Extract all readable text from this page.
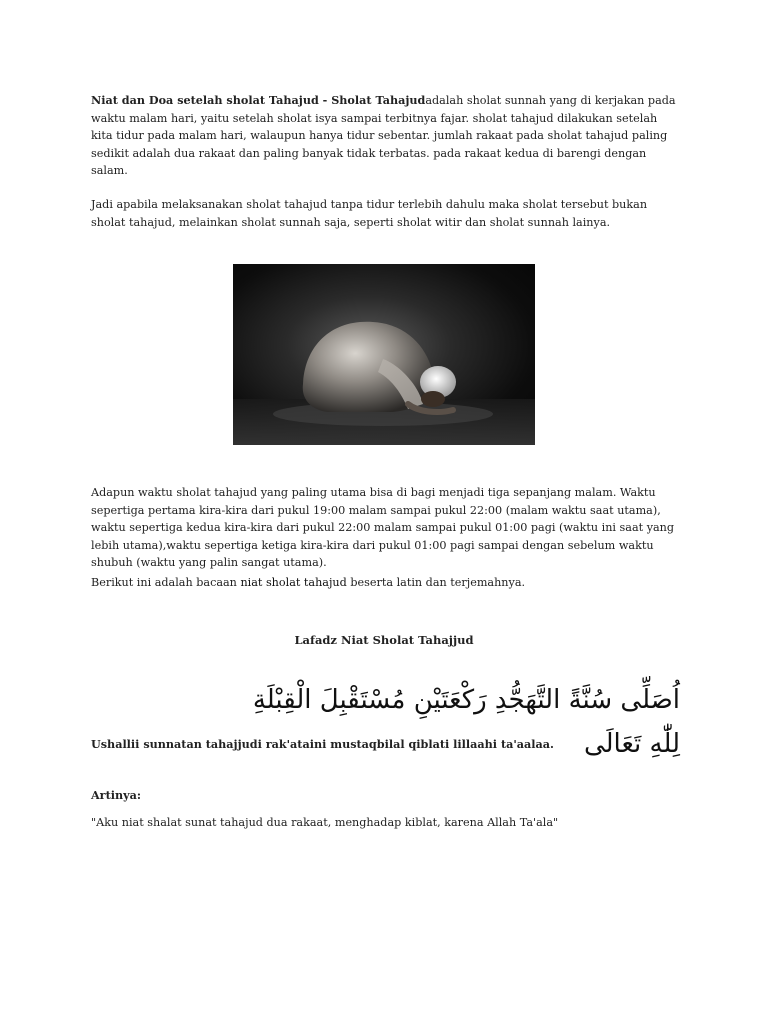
Niat dan Doa setelah sholat Tahajud - Sholat Tahajudadalah sholat sunnah yang di kerjakan pada waktu malam hari, yaitu setelah sholat isya sampai terbitnya fajar. sholat tahajud dilakukan setelah kita tidur pada malam hari, walaupun hanya tidur sebentar. jumlah rakaat pada sholat tahajud paling sedikit adalah dua rakaat dan paling banyak tidak terbatas. pada rakaat kedua di barengi dengan salam.

Jadi apabila melaksanakan sholat tahajud tanpa tidur terlebih dahulu maka sholat tersebut bukan sholat tahajud, melainkan sholat sunnah saja, seperti sholat witir dan sholat sunnah lainya.

Adapun waktu sholat tahajud yang paling utama bisa di bagi menjadi tiga sepanjang malam. Waktu sepertiga pertama kira-kira dari pukul 19:00 malam sampai pukul 22:00 (malam waktu saat utama), waktu sepertiga kedua kira-kira dari pukul 22:00 malam sampai pukul 01:00 pagi (waktu ini saat yang lebih utama),waktu sepertiga ketiga kira-kira dari pukul 01:00 pagi sampai dengan sebelum waktu shubuh (waktu yang palin sangat utama).

Berikut ini adalah bacaan niat sholat tahajud beserta latin dan terjemahnya.

Lafadz Niat Sholat Tahajjud
اُصَلِّى سُنَّةً التَّهَجُّدِ رَكْعَتَيْنِ مُسْتَقْبِلَ الْقِبْلَةِ لِلّٰهِ تَعَالَى

Ushallii sunnatan tahajjudi rak'ataini mustaqbilal qiblati lillaahi ta'aalaa.

Artinya:

"Aku niat shalat sunat tahajud dua rakaat, menghadap kiblat, karena Allah Ta'ala"
